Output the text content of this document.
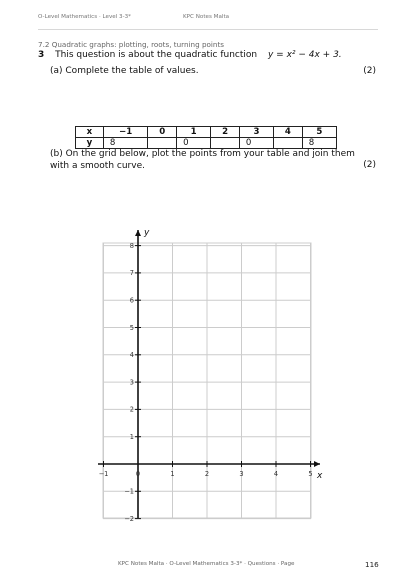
O-Level Mathematics · Level 3-3*	KPC Notes Malta
7.2 Quadratic graphs: plotting, roots, turning points
3 This question is about the quadratic function y = x² − 4x + 3.
(a) Complete the table of values.	(2)
x	−1	0	1	2	3	4	5
y	8		0		0		8
(b) On the grid below, plot the points from your table and join them with a smooth curve.	(2)
−1	0	1	2	3	4	5
8
7
6
5
4
3
2
1
−1
−2
x
y
KPC Notes Malta · O-Level Mathematics 3-3* · Questions · Page	116
